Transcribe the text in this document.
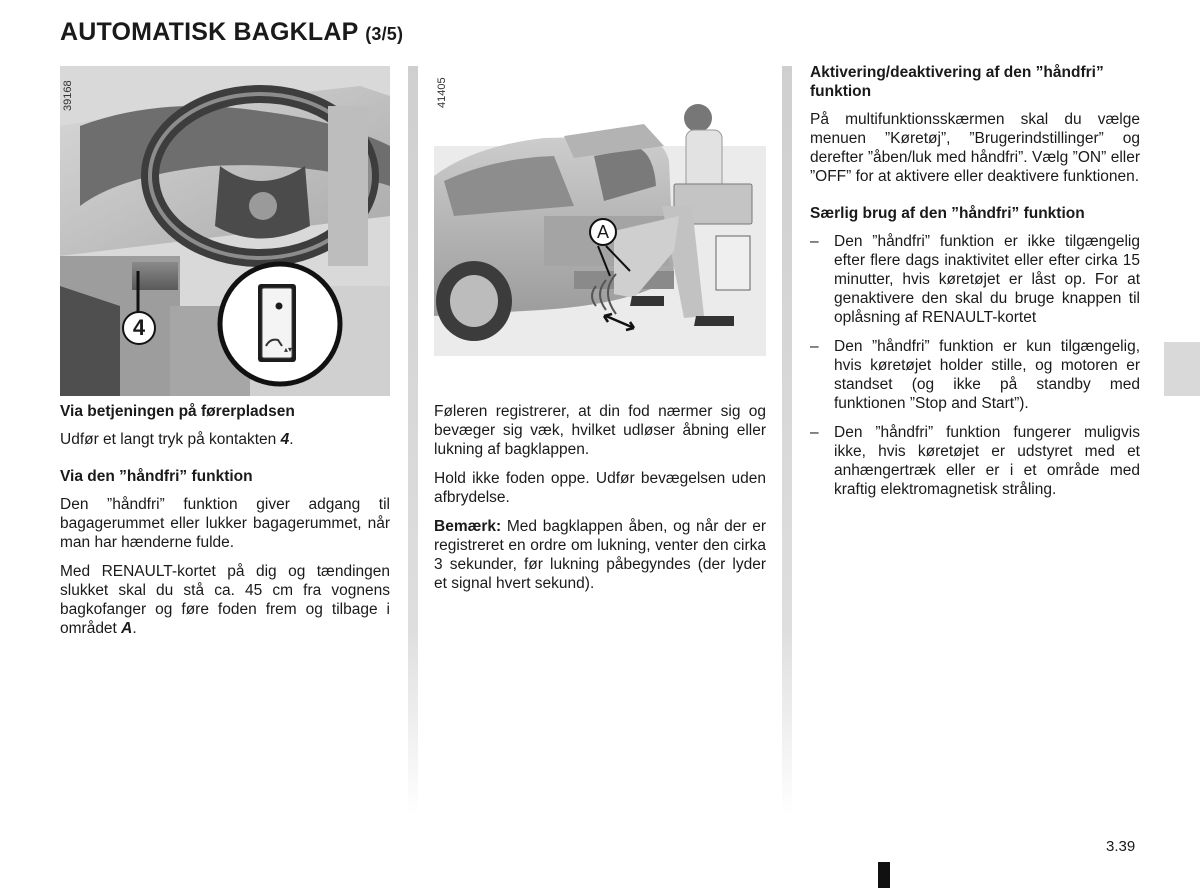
AUTOMATISK BAGKLAP (3/5)
▴▾
4
39168
A
41405
Via betjeningen på førerpladsen

Udfør et langt tryk på kontakten 4.

Via den ”håndfri” funktion

Den ”håndfri” funktion giver adgang til bagagerummet eller lukker bagagerummet, når man har hænderne fulde.

Med RENAULT-kortet på dig og tændingen slukket skal du stå ca. 45 cm fra vognens bagkofanger og føre foden frem og tilbage i området A.

Føleren registrerer, at din fod nærmer sig og bevæger sig væk, hvilket udløser åbning eller lukning af bagklappen.

Hold ikke foden oppe. Udfør bevægelsen uden afbrydelse.

Bemærk: Med bagklappen åben, og når der er registreret en ordre om lukning, venter den cirka 3 sekunder, før lukning påbegyndes (der lyder et signal hvert sekund).

Aktivering/deaktivering af den ”håndfri” funktion

På multifunktionsskærmen skal du vælge menuen ”Køretøj”, ”Brugerindstillinger” og derefter ”åben/luk med håndfri”. Vælg ”ON” eller ”OFF” for at aktivere eller deaktivere funktionen.

Særlig brug af den ”håndfri” funktion
– Den ”håndfri” funktion er ikke tilgængelig efter flere dags inaktivitet eller efter cirka 15 minutter, hvis køretøjet er låst op. For at genaktivere den skal du bruge knappen til oplåsning af RENAULT-kortet
– Den ”håndfri” funktion er kun tilgængelig, hvis køretøjet holder stille, og motoren er standset (og ikke på standby med funktionen ”Stop and Start”).
– Den ”håndfri” funktion fungerer muligvis ikke, hvis køretøjet er udstyret med et anhængertræk eller er i et område med kraftig elektromagnetisk stråling.
3.39
